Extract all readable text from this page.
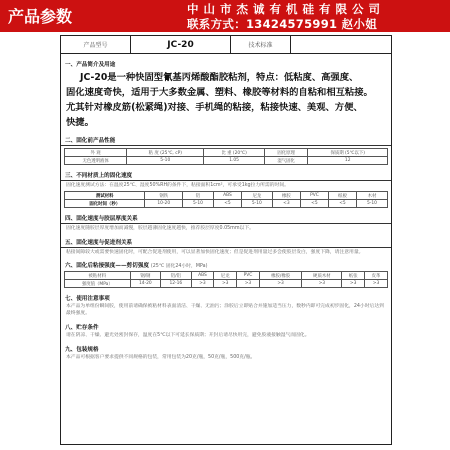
产品参数	中山市杰诚有机硅有限公司
联系方式：13424575991 赵小姐
产品型号	JC-20	技术标准
一、产品简介及用途
JC-20是一种快固型氰基丙烯酸酯胶粘剂，特点：低粘度、高强度、
固化速度奇快，适用于大多数金属、塑料、橡胶等材料的自粘和相互粘接。
尤其针对橡皮筋(松紧绳)对接、手机绳的粘接，粘接快速、美观、方便、
快捷。
二、固化前产品性能
外 观	粘 度 (25℃, cP)	比 重 (20℃)	固化原理	保质期 (5℃以下)
无色透明液体	5-10	1.05	湿气固化	12
三、不同材质上的固化速度
固化速度测试方法：在温度25℃、湿度50%RH的条件下，粘接面积1cm²，可承受1kg拉力所需的时间。
测试材料	钢铁	铝	ABS	尼龙	橡胶	PVC	纸板	木材
固化时间（秒）	10-20	5-10	<5	5-10	<3	<5	<5	5-10
四、固化速度与胶层厚度关系
固化速度随胶层厚度增加而减慢，胶层越薄固化速度越快，推荐胶层厚度0.05mm以下。
五、固化速度与促进剂关系
粘接间隙较大或需要快速固化时，可配合促进剂使用，可以显著加快固化速度；但是促进剂用量过多会使胶层发白，强度下降，请注意用量。
六、固化后粘接强度——剪切强度 (25℃ 固化24小时，MPa)
被粘材料	钢/钢	铝/铝	ABS	尼龙	PVC	橡胶/橡胶	硬质木材	纸张	皮革
强度值（MPa）	14-20	12-16	>3	>3	>3	>3	>3	>3	>3
七、使用注意事项
本产品为单组份瞬间胶，使用前请确保被粘材料表面清洁、干燥、无油污；涂胶后立即贴合并施加适当压力，数秒内即可完成初步固化，24小时后达到最终强度。
八、贮存条件
请在阴凉、干燥、避光处密封保存，温度在5℃以下可延长保质期；开封后请尽快用完，避免胶液接触湿气而固化。
九、包装规格
本产品可根据客户要求提供不同规格的包装，常用包装为20克/瓶，50克/瓶，500克/瓶。
